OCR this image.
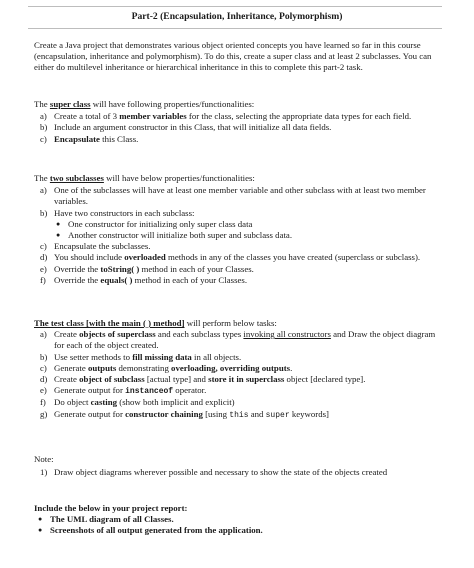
Part-2 (Encapsulation, Inheritance, Polymorphism)

Create a Java project that demonstrates various object oriented concepts you have learned so far in this course (encapsulation, inheritance and polymorphism). To do this, create a super class and at least 2 subclasses. You can either do multilevel inheritance or hierarchical inheritance in this to complete this part-2 task.

The super class will have following properties/functionalities:

a) Create a total of 3 member variables for the class, selecting the appropriate data types for each field.
b) Include an argument constructor in this Class, that will initialize all data fields.
c) Encapsulate this Class.

The two subclasses will have below properties/functionalities:

a) One of the subclasses will have at least one member variable and other subclass with at least two member variables.
b) Have two constructors in each subclass:
● One constructor for initializing only super class data
● Another constructor will initialize both super and subclass data.
c) Encapsulate the subclasses.
d) You should include overloaded methods in any of the classes you have created (superclass or subclass).
e) Override the toString( ) method in each of your Classes.
f) Override the equals( ) method in each of your Classes.

The test class [with the main ( ) method] will perform below tasks:

a) Create objects of superclass and each subclass types invoking all constructors and Draw the object diagram for each of the object created.
b) Use setter methods to fill missing data in all objects.
c) Generate outputs demonstrating overloading, overriding outputs.
d) Create object of subclass [actual type] and store it in superclass object [declared type].
e) Generate output for instanceof operator.
f) Do object casting (show both implicit and explicit)
g) Generate output for constructor chaining [using this and super keywords]

Note:

1) Draw object diagrams wherever possible and necessary to show the state of the objects created

Include the below in your project report:

● The UML diagram of all Classes.
● Screenshots of all output generated from the application.
